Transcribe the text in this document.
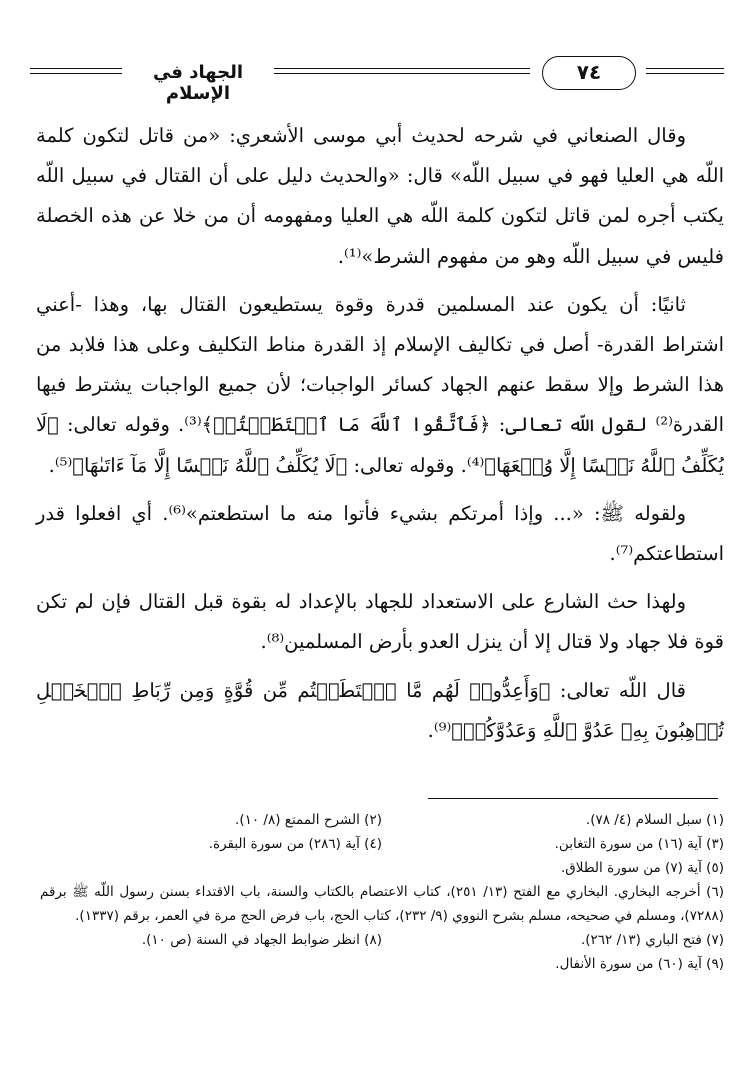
الجهاد في الإسلام
٧٤

وقال الصنعاني في شرحه لحديث أبي موسى الأشعري: «من قاتل لتكون كلمة اللّه هي العليا فهو في سبيل اللّه» قال: «والحديث دليل على أن القتال في سبيل اللّه يكتب أجره لمن قاتل لتكون كلمة اللّه هي العليا ومفهومه أن من خلا عن هذه الخصلة فليس في سبيل اللّه وهو من مفهوم الشرط»⁽¹⁾.

ثانيًا: أن يكون عند المسلمين قدرة وقوة يستطيعون القتال بها، وهذا -أعني اشتراط القدرة- أصل في تكاليف الإسلام إذ القدرة مناط التكليف وعلى هذا فلابد من هذا الشرط وإلا سقط عنهم الجهاد كسائر الواجبات؛ لأن جميع الواجبات يشترط فيها القدرة⁽²⁾ لقول اللّه تعالى: ﴿فَٱتَّقُوا ٱللَّهَ مَا ٱسۡتَطَعۡتُمۡ﴾⁽³⁾. وقوله تعالى: ﴿لَا يُكَلِّفُ ٱللَّهُ نَفۡسًا إِلَّا وُسۡعَهَا﴾⁽⁴⁾. وقوله تعالى: ﴿لَا يُكَلِّفُ ٱللَّهُ نَفۡسًا إِلَّا مَآ ءَاتَىٰهَا﴾⁽⁵⁾.

ولقوله ﷺ: «... وإذا أمرتكم بشيء فأتوا منه ما استطعتم»⁽⁶⁾. أي افعلوا قدر استطاعتكم⁽⁷⁾.

ولهذا حث الشارع على الاستعداد للجهاد بالإعداد له بقوة قبل القتال فإن لم تكن قوة فلا جهاد ولا قتال إلا أن ينزل العدو بأرض المسلمين⁽⁸⁾.

قال اللّه تعالى: ﴿وَأَعِدُّوا۟ لَهُم مَّا ٱسۡتَطَعۡتُم مِّن قُوَّةٍ وَمِن رِّبَاطِ ٱلۡخَيۡلِ تُرۡهِبُونَ بِهِۦ عَدُوَّ ٱللَّهِ وَعَدُوَّكُمۡ﴾⁽⁹⁾.

(١) سبل السلام (٤/ ٧٨).
(٢) الشرح الممتع (٨/ ١٠).
(٣) آية (١٦) من سورة التغابن.
(٤) آية (٢٨٦) من سورة البقرة.
(٥) آية (٧) من سورة الطلاق.
(٦) أخرجه البخاري. البخاري مع الفتح (١٣/ ٢٥١)، كتاب الاعتصام بالكتاب والسنة، باب الاقتداء بسنن رسول اللّه ﷺ برقم (٧٢٨٨)، ومسلم في صحيحه، مسلم بشرح النووي (٩/ ٢٣٢)، كتاب الحج، باب فرض الحج مرة في العمر، برقم (١٣٣٧).
(٧) فتح الباري (١٣/ ٢٦٢).
(٨) انظر ضوابط الجهاد في السنة (ص ١٠).
(٩) آية (٦٠) من سورة الأنفال.
